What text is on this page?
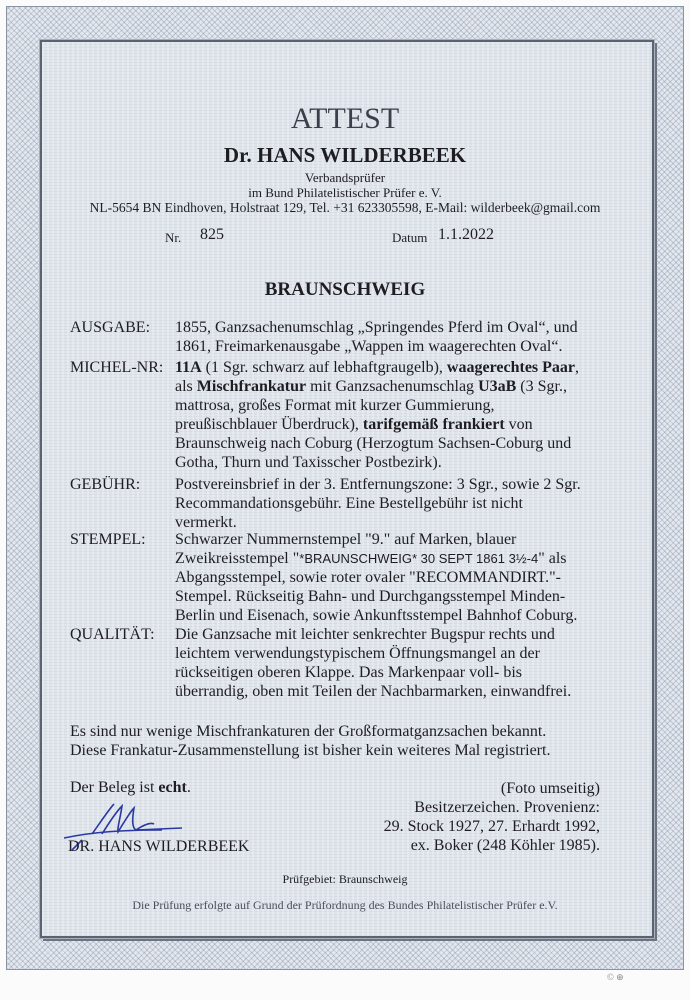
ATTEST
Dr. HANS WILDERBEEK
Verbandsprüfer
im Bund Philatelistischer Prüfer e. V.
NL-5654 BN Eindhoven, Holstraat 129, Tel. +31 623305598, E-Mail: wilderbeek@gmail.com
Nr. 825	Datum 1.1.2022
BRAUNSCHWEIG
AUSGABE: 1855, Ganzsachenumschlag „Springendes Pferd im Oval“, und
1861, Freimarkenausgabe „Wappen im waagerechten Oval“.
MICHEL-NR: 11A (1 Sgr. schwarz auf lebhaftgraugelb), waagerechtes Paar,
als Mischfrankatur mit Ganzsachenumschlag U3aB (3 Sgr.,
mattrosa, großes Format mit kurzer Gummierung,
preußischblauer Überdruck), tarifgemäß frankiert von
Braunschweig nach Coburg (Herzogtum Sachsen-Coburg und
Gotha, Thurn und Taxisscher Postbezirk).
GEBÜHR: Postvereinsbrief in der 3. Entfernungszone: 3 Sgr., sowie 2 Sgr.
Recommandationsgebühr. Eine Bestellgebühr ist nicht
vermerkt.
STEMPEL: Schwarzer Nummernstempel "9." auf Marken, blauer
Zweikreisstempel "*BRAUNSCHWEIG* 30 SEPT 1861 3½-4" als
Abgangsstempel, sowie roter ovaler "RECOMMANDIRT."-
Stempel. Rückseitig Bahn- und Durchgangsstempel Minden-
Berlin und Eisenach, sowie Ankunftsstempel Bahnhof Coburg.
QUALITÄT: Die Ganzsache mit leichter senkrechter Bugspur rechts und
leichtem verwendungstypischem Öffnungsmangel an der
rückseitigen oberen Klappe. Das Markenpaar voll- bis
überrandig, oben mit Teilen der Nachbarmarken, einwandfrei.
Es sind nur wenige Mischfrankaturen der Großformatganzsachen bekannt.
Diese Frankatur-Zusammenstellung ist bisher kein weiteres Mal registriert.
Der Beleg ist echt.
DR. HANS WILDERBEEK
(Foto umseitig)
Besitzerzeichen. Provenienz:
29. Stock 1927, 27. Erhardt 1992,
ex. Boker (248 Köhler 1985).
Prüfgebiet: Braunschweig
Die Prüfung erfolgte auf Grund der Prüfordnung des Bundes Philatelistischer Prüfer e.V.
© ⊕
